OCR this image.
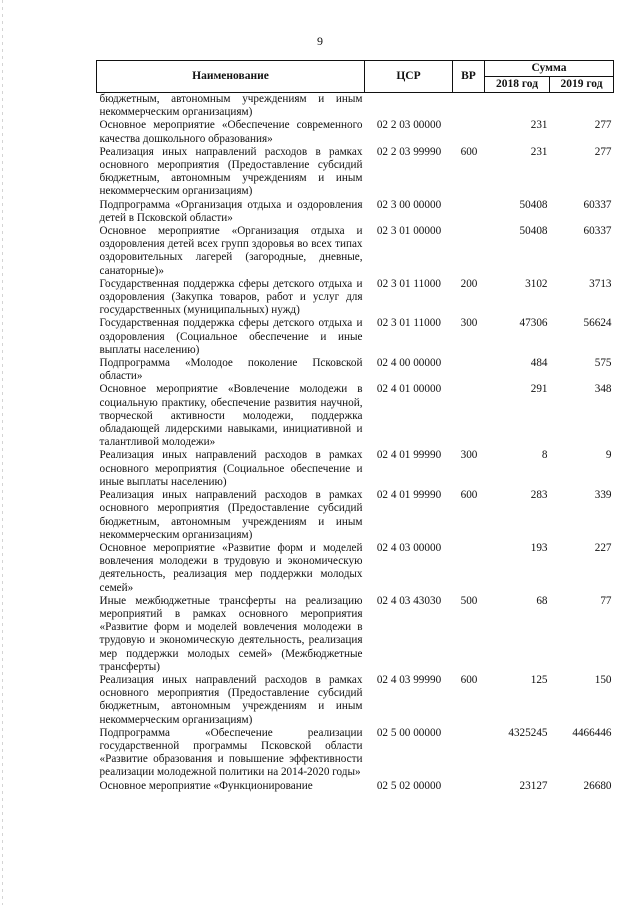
9
Наименование	ЦСР	ВР	Сумма	
			2018 год	2019 год
бюджетным, автономным учреждениям и иным некоммерческим организациям)				
Основное мероприятие «Обеспечение современного качества дошкольного образования»	02 2 03 00000		231	277
Реализация иных направлений расходов в рамках основного мероприятия (Предоставление субсидий бюджетным, автономным учреждениям и иным некоммерческим организациям)	02 2 03 99990	600	231	277
Подпрограмма «Организация отдыха и оздоровления детей в Псковской области»	02 3 00 00000		50408	60337
Основное мероприятие «Организация отдыха и оздоровления детей всех групп здоровья во всех типах оздоровительных лагерей (загородные, дневные, санаторные)»	02 3 01 00000		50408	60337
Государственная поддержка сферы детского отдыха и оздоровления (Закупка товаров, работ и услуг для государственных (муниципальных) нужд)	02 3 01 11000	200	3102	3713
Государственная поддержка сферы детского отдыха и оздоровления (Социальное обеспечение и иные выплаты населению)	02 3 01 11000	300	47306	56624
Подпрограмма «Молодое поколение Псковской области»	02 4 00 00000		484	575
Основное мероприятие «Вовлечение молодежи в социальную практику, обеспечение развития научной, творческой активности молодежи, поддержка обладающей лидерскими навыками, инициативной и талантливой молодежи»	02 4 01 00000		291	348
Реализация иных направлений расходов в рамках основного мероприятия (Социальное обеспечение и иные выплаты населению)	02 4 01 99990	300	8	9
Реализация иных направлений расходов в рамках основного мероприятия (Предоставление субсидий бюджетным, автономным учреждениям и иным некоммерческим организациям)	02 4 01 99990	600	283	339
Основное мероприятие «Развитие форм и моделей вовлечения молодежи в трудовую и экономическую деятельность, реализация мер поддержки молодых семей»	02 4 03 00000		193	227
Иные межбюджетные трансферты на реализацию мероприятий в рамках основного мероприятия «Развитие форм и моделей вовлечения молодежи в трудовую и экономическую деятельность, реализация мер поддержки молодых семей» (Межбюджетные трансферты)	02 4 03 43030	500	68	77
Реализация иных направлений расходов в рамках основного мероприятия (Предоставление субсидий бюджетным, автономным учреждениям и иным некоммерческим организациям)	02 4 03 99990	600	125	150
Подпрограмма «Обеспечение реализации государственной программы Псковской области «Развитие образования и повышение эффективности реализации молодежной политики на 2014-2020 годы»	02 5 00 00000		4325245	4466446
Основное мероприятие «Функционирование	02 5 02 00000		23127	26680
